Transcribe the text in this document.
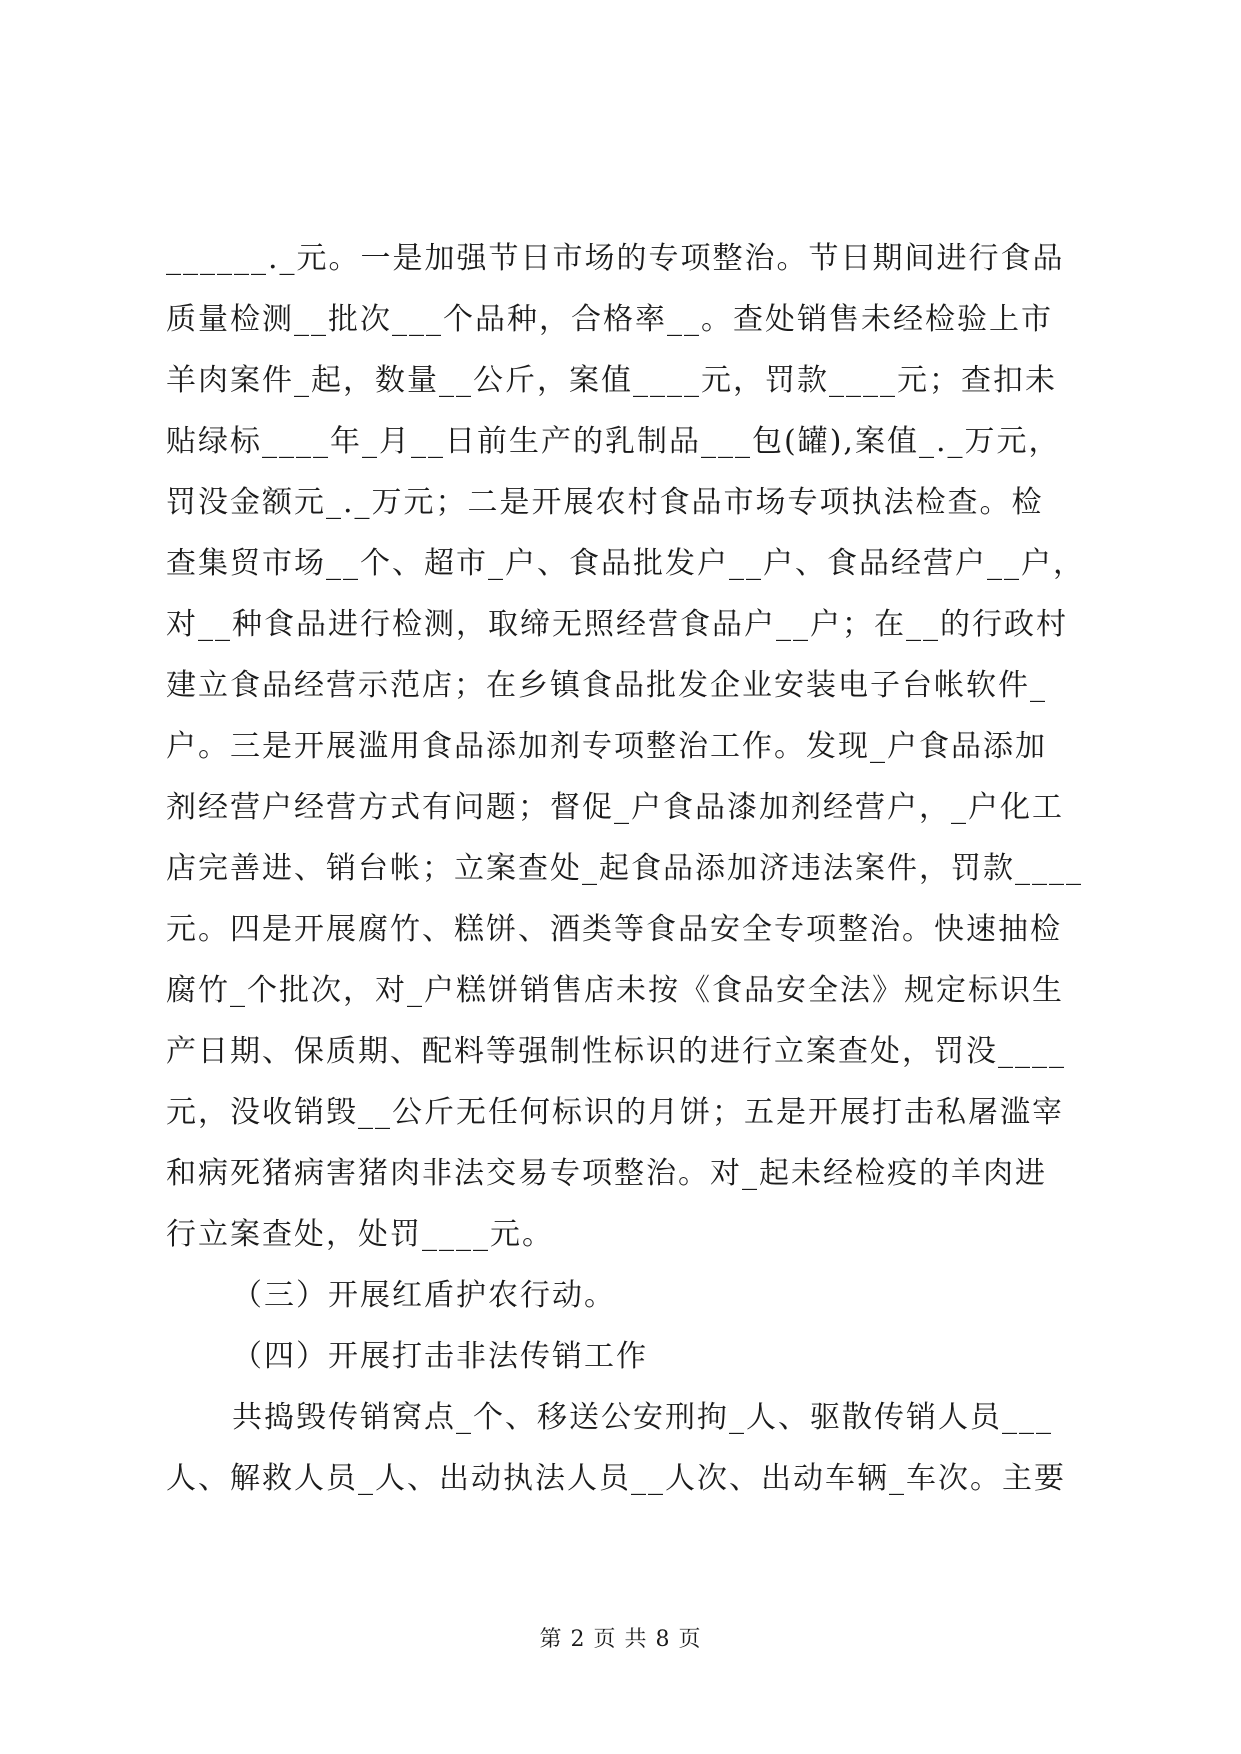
______._元。一是加强节日市场的专项整治。节日期间进行食品
质量检测__批次___个品种，合格率__。查处销售未经检验上市
羊肉案件_起，数量__公斤，案值____元，罚款____元；查扣未
贴绿标____年_月__日前生产的乳制品___包(罐),案值_._万元，
罚没金额元_._万元；二是开展农村食品市场专项执法检查。检
查集贸市场__个、超市_户、食品批发户__户、食品经营户__户，
对__种食品进行检测，取缔无照经营食品户__户；在__的行政村
建立食品经营示范店；在乡镇食品批发企业安装电子台帐软件_
户。三是开展滥用食品添加剂专项整治工作。发现_户食品添加
剂经营户经营方式有问题；督促_户食品漆加剂经营户，_户化工
店完善进、销台帐；立案查处_起食品添加济违法案件，罚款____
元。四是开展腐竹、糕饼、酒类等食品安全专项整治。快速抽检
腐竹_个批次，对_户糕饼销售店未按《食品安全法》规定标识生
产日期、保质期、配料等强制性标识的进行立案查处，罚没____
元，没收销毁__公斤无任何标识的月饼；五是开展打击私屠滥宰
和病死猪病害猪肉非法交易专项整治。对_起未经检疫的羊肉进
行立案查处，处罚____元。
（三）开展红盾护农行动。
（四）开展打击非法传销工作
共捣毁传销窝点_个、移送公安刑拘_人、驱散传销人员___
人、解救人员_人、出动执法人员__人次、出动车辆_车次。主要
第 2 页 共 8 页
